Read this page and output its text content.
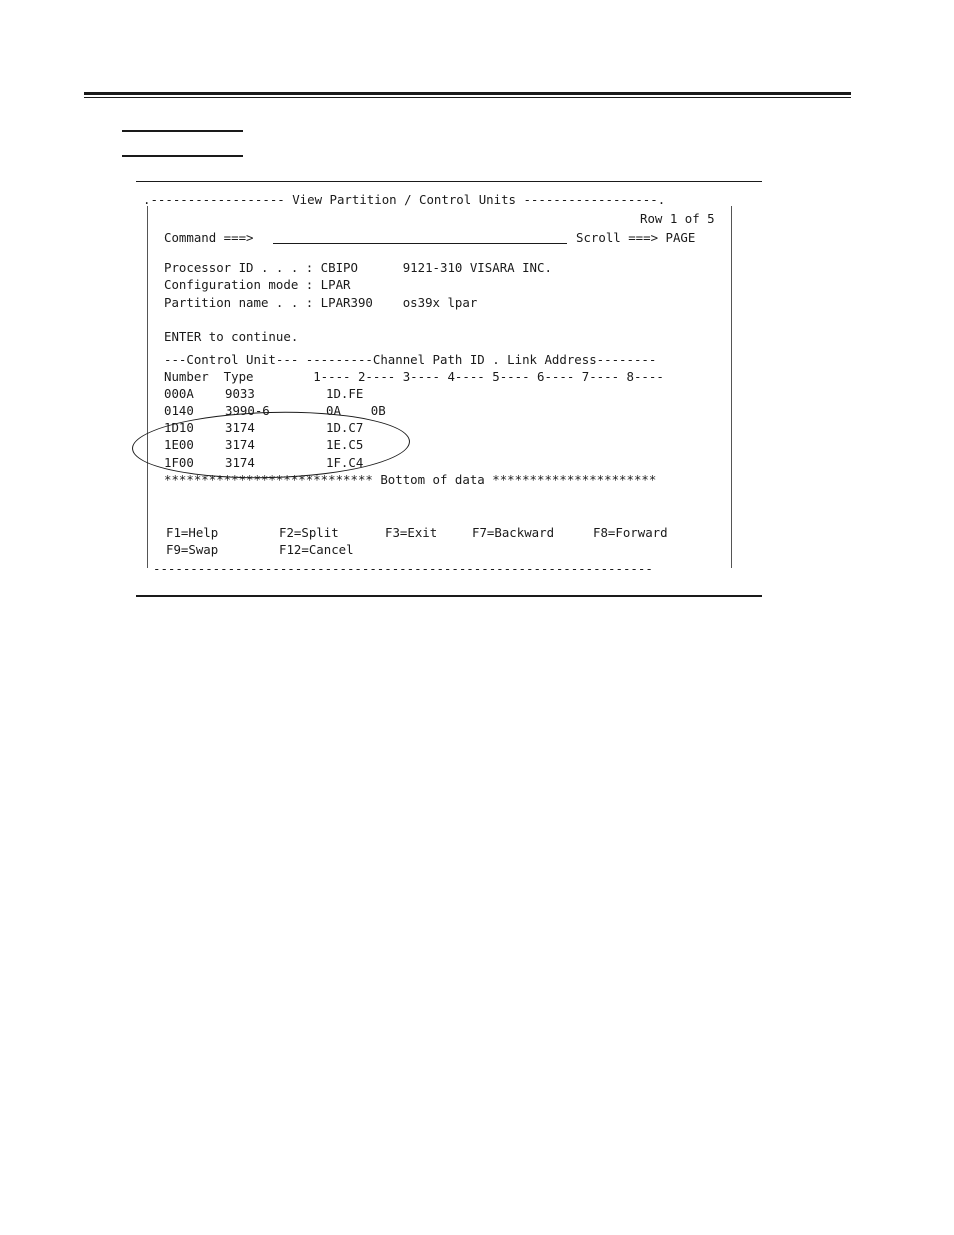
.------------------ View Partition / Control Units ------------------.
Row 1 of 5
Command ===>	Scroll ===> PAGE
Processor ID . . . : CBIPO      9121-310 VISARA INC.
Configuration mode : LPAR
Partition name . . : LPAR390    os39x lpar
ENTER to continue.
---Control Unit--- ---------Channel Path ID . Link Address--------
Number  Type        1---- 2---- 3---- 4---- 5---- 6---- 7---- 8----
000A	9033	1D.FE
0140	3990-6	0A    0B
1D10	3174	1D.C7
1E00	3174	1E.C5
1F00	3174	1F.C4
**************************** Bottom of data **********************
F1=Help	F2=Split	F3=Exit	F7=Backward	F8=Forward
F9=Swap	F12=Cancel
-------------------------------------------------------------------
